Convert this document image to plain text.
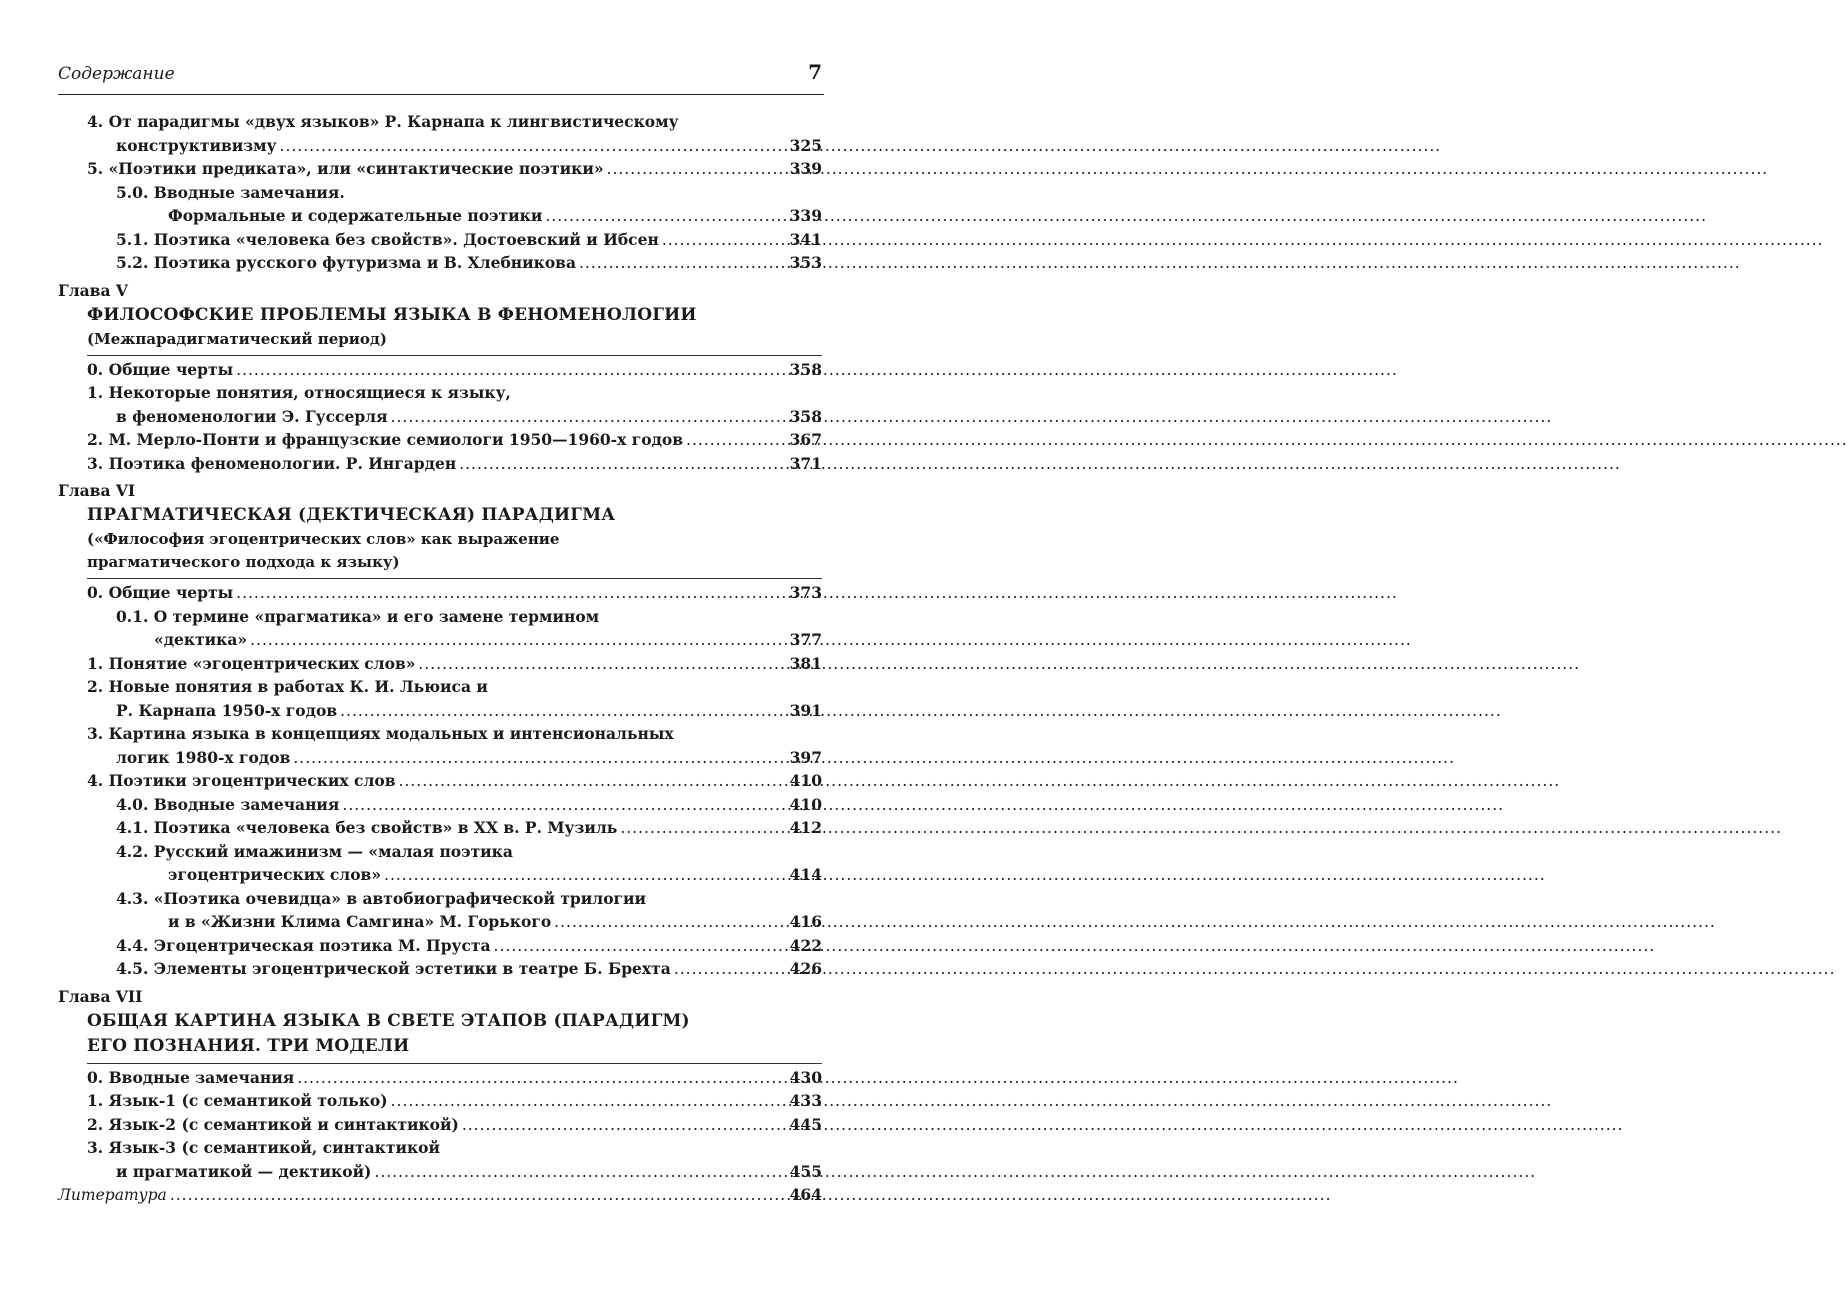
Содержание	7
4. От парадигмы «двух языков» Р. Карнапа к лингвистическому
конструктивизму .....	325
5. «Поэтики предиката», или «синтактические поэтики» .....	339
5.0. Вводные замечания.
Формальные и содержательные поэтики .....	339
5.1. Поэтика «человека без свойств». Достоевский и Ибсен .....	341
5.2. Поэтика русского футуризма и В. Хлебникова .....	353
Глава V
ФИЛОСОФСКИЕ ПРОБЛЕМЫ ЯЗЫКА В ФЕНОМЕНОЛОГИИ
(Межпарадигматический период)
0. Общие черты .....	358
1. Некоторые понятия, относящиеся к языку,
в феноменологии Э. Гуссерля .....	358
2. М. Мерло-Понти и французские семиологи 1950—1960-х годов .....	367
3. Поэтика феноменологии. Р. Ингарден .....	371
Глава VI
ПРАГМАТИЧЕСКАЯ (ДЕКТИЧЕСКАЯ) ПАРАДИГМА
(«Философия эгоцентрических слов» как выражение
прагматического подхода к языку)
0. Общие черты .....	373
0.1. О термине «прагматика» и его замене термином
«дектика» .....	377
1. Понятие «эгоцентрических слов» .....	381
2. Новые понятия в работах К. И. Льюиса и
Р. Карнапа 1950-х годов .....	391
3. Картина языка в концепциях модальных и интенсиональных
логик 1980-х годов .....	397
4. Поэтики эгоцентрических слов .....	410
4.0. Вводные замечания .....	410
4.1. Поэтика «человека без свойств» в XX в. Р. Музиль .....	412
4.2. Русский имажинизм — «малая поэтика
эгоцентрических слов» .....	414
4.3. «Поэтика очевидца» в автобиографической трилогии
и в «Жизни Клима Самгина» М. Горького .....	416
4.4. Эгоцентрическая поэтика М. Пруста .....	422
4.5. Элементы эгоцентрической эстетики в театре Б. Брехта .....	426
Глава VII
ОБЩАЯ КАРТИНА ЯЗЫКА В СВЕТЕ ЭТАПОВ (ПАРАДИГМ)
ЕГО ПОЗНАНИЯ. ТРИ МОДЕЛИ
0. Вводные замечания .....	430
1. Язык-1 (с семантикой только) .....	433
2. Язык-2 (с семантикой и синтактикой) .....	445
3. Язык-3 (с семантикой, синтактикой
и прагматикой — дектикой) .....	455
Литература .....	464
